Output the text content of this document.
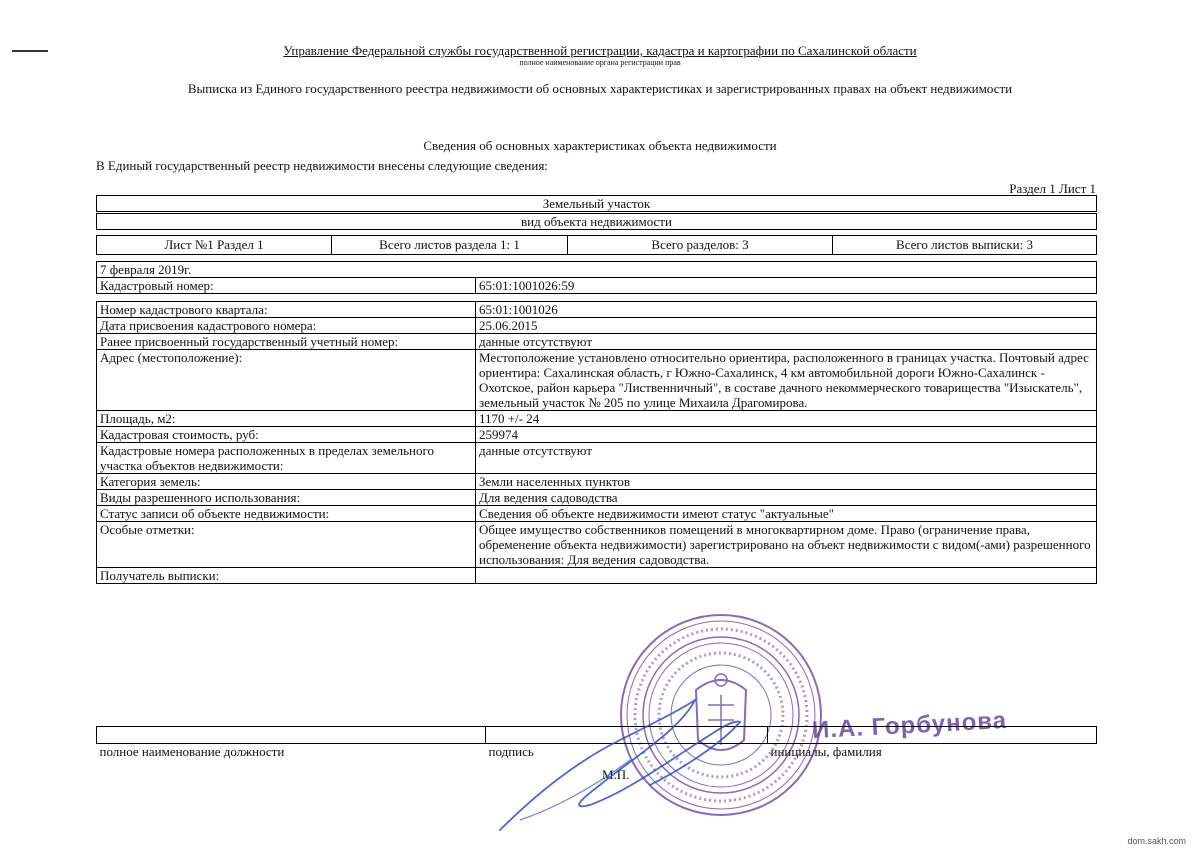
Управление Федеральной службы государственной регистрации, кадастра и картографии по Сахалинской области
полное наименование органа регистрации прав
Выписка из Единого государственного реестра недвижимости об основных характеристиках и зарегистрированных правах на объект недвижимости
Сведения об основных характеристиках объекта недвижимости
В Единый государственный реестр недвижимости внесены следующие сведения:
Раздел 1 Лист 1
Земельный участок
вид объекта недвижимости
Лист №1 Раздел 1	Всего листов раздела 1: 1	Всего разделов: 3	Всего листов выписки: 3
7 февраля 2019г.
Кадастровый номер:	65:01:1001026:59
Номер кадастрового квартала:	65:01:1001026
Дата присвоения кадастрового номера:	25.06.2015
Ранее присвоенный государственный учетный номер:	данные отсутствуют
Адрес (местоположение):	Местоположение установлено относительно ориентира, расположенного в границах участка. Почтовый адрес ориентира: Сахалинская область, г Южно-Сахалинск, 4 км автомобильной дороги Южно-Сахалинск - Охотское, район карьера "Лиственничный", в составе дачного некоммерческого товарищества "Изыскатель", земельный участок № 205 по улице Михаила Драгомирова.
Площадь, м2:	1170 +/- 24
Кадастровая стоимость, руб:	259974
Кадастровые номера расположенных в пределах земельного участка объектов недвижимости:	данные отсутствуют
Категория земель:	Земли населенных пунктов
Виды разрешенного использования:	Для ведения садоводства
Статус записи об объекте недвижимости:	Сведения об объекте недвижимости имеют статус "актуальные"
Особые отметки:	Общее имущество собственников помещений в многоквартирном доме. Право (ограничение права, обременение объекта недвижимости) зарегистрировано на объект недвижимости с видом(-ами) разрешенного использования: Для ведения садоводства.
Получатель выписки:	
И.А. Горбунова

полное наименование должности	подпись	инициалы, фамилия
М.П.
dom.sakh.com
